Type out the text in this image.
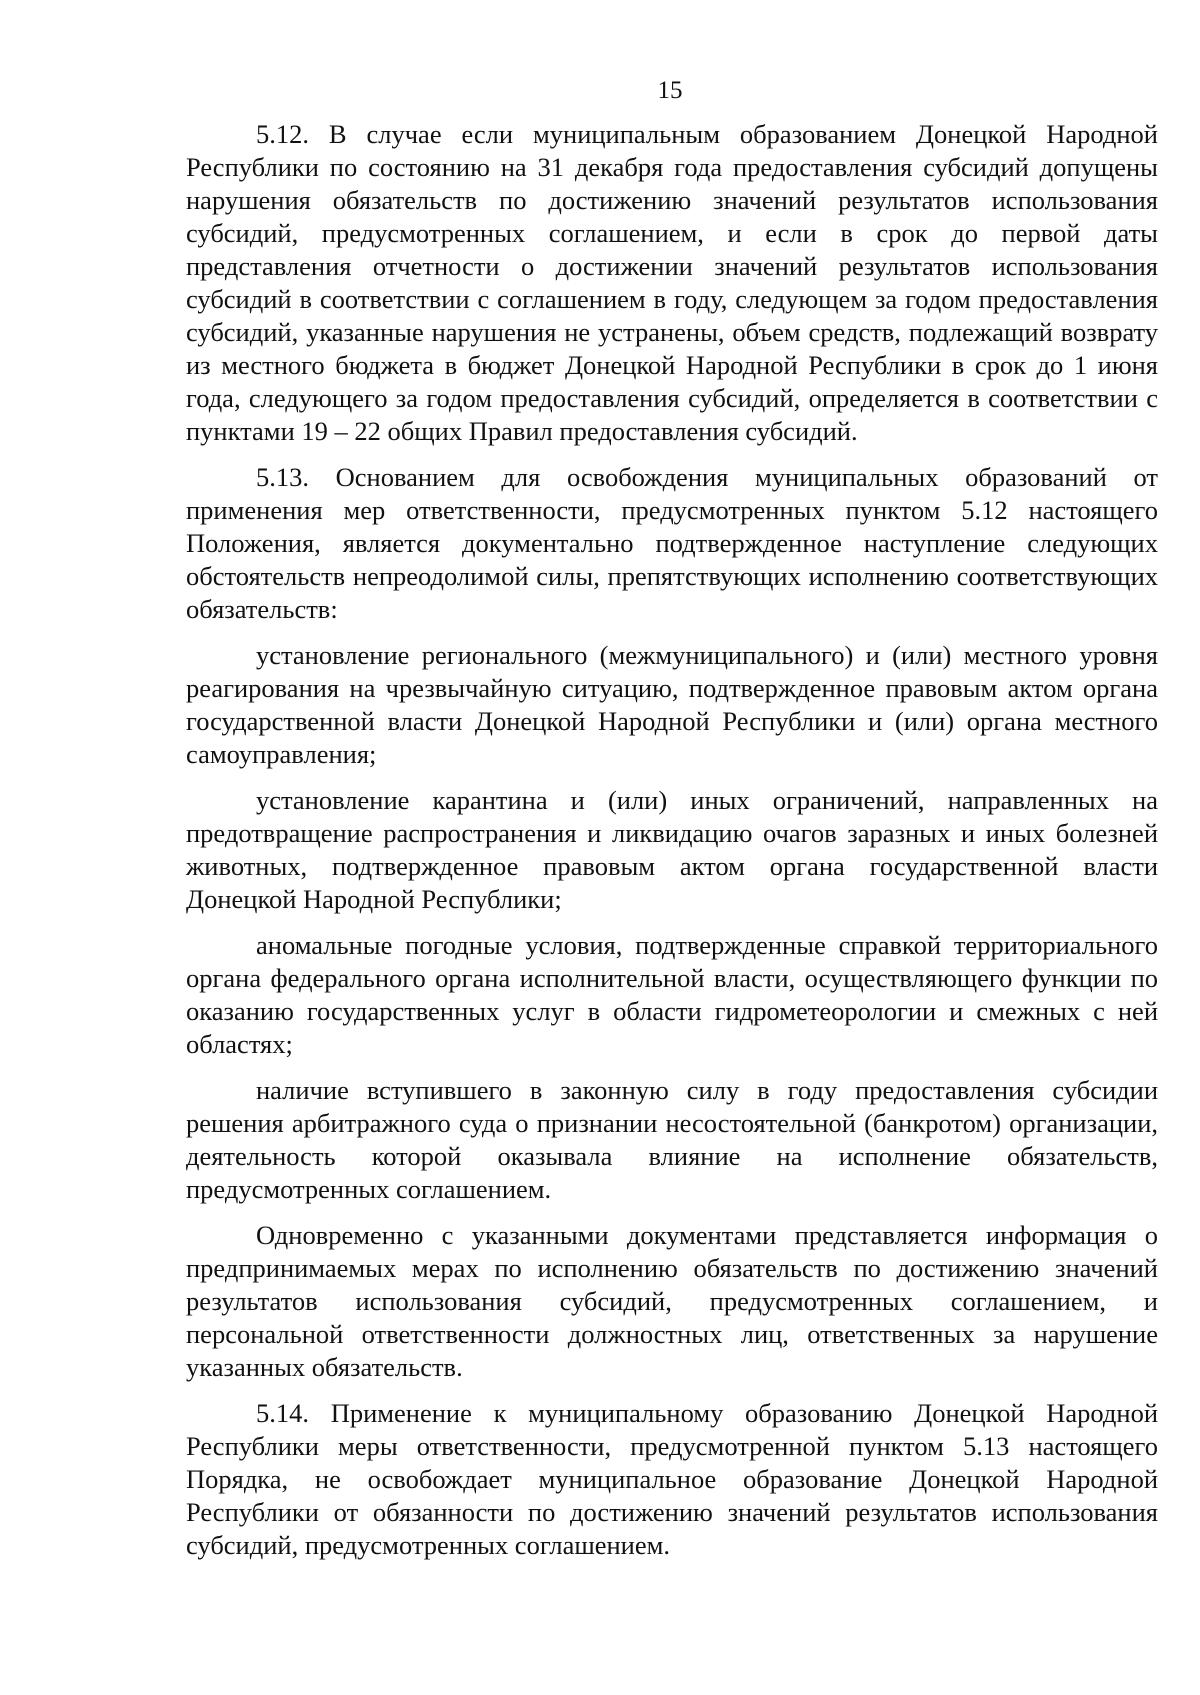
15

5.12. В случае если муниципальным образованием Донецкой Народной Республики по состоянию на 31 декабря года предоставления субсидий допущены нарушения обязательств по достижению значений результатов использования субсидий, предусмотренных соглашением, и если в срок до первой даты представления отчетности о достижении значений результатов использования субсидий в соответствии с соглашением в году, следующем за годом предоставления субсидий, указанные нарушения не устранены, объем средств, подлежащий возврату из местного бюджета в бюджет Донецкой Народной Республики в срок до 1 июня года, следующего за годом предоставления субсидий, определяется в соответствии с пунктами 19 – 22 общих Правил предоставления субсидий.

5.13. Основанием для освобождения муниципальных образований от применения мер ответственности, предусмотренных пунктом 5.12 настоящего Положения, является документально подтвержденное наступление следующих обстоятельств непреодолимой силы, препятствующих исполнению соответствующих обязательств:

установление регионального (межмуниципального) и (или) местного уровня реагирования на чрезвычайную ситуацию, подтвержденное правовым актом органа государственной власти Донецкой Народной Республики и (или) органа местного самоуправления;

установление карантина и (или) иных ограничений, направленных на предотвращение распространения и ликвидацию очагов заразных и иных болезней животных, подтвержденное правовым актом органа государственной власти Донецкой Народной Республики;

аномальные погодные условия, подтвержденные справкой территориального органа федерального органа исполнительной власти, осуществляющего функции по оказанию государственных услуг в области гидрометеорологии и смежных с ней областях;

наличие вступившего в законную силу в году предоставления субсидии решения арбитражного суда о признании несостоятельной (банкротом) организации, деятельность которой оказывала влияние на исполнение обязательств, предусмотренных соглашением.

Одновременно с указанными документами представляется информация о предпринимаемых мерах по исполнению обязательств по достижению значений результатов использования субсидий, предусмотренных соглашением, и персональной ответственности должностных лиц, ответственных за нарушение указанных обязательств.

5.14. Применение к муниципальному образованию Донецкой Народной Республики меры ответственности, предусмотренной пунктом 5.13 настоящего Порядка, не освобождает муниципальное образование Донецкой Народной Республики от обязанности по достижению значений результатов использования субсидий, предусмотренных соглашением.
